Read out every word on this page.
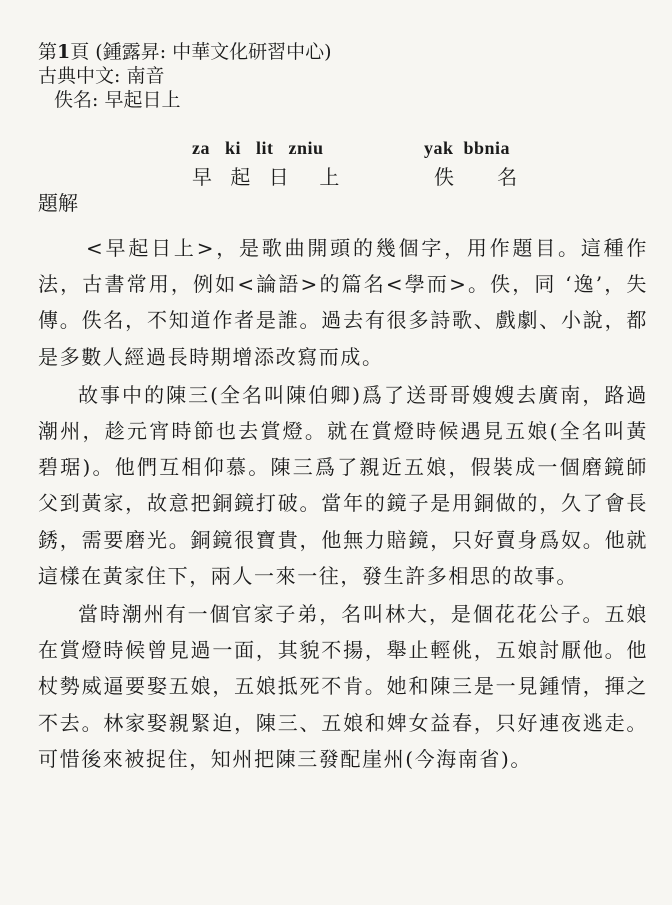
第1頁 (鍾露昇: 中華文化研習中心)
古典中文: 南音
佚名: 早起日上
za   ki   lit   zniu
早 起 日  上
yak  bbnia
佚   名
題解

<早起日上>，是歌曲開頭的幾個字，用作題目。這種作法，古書常用，例如<論語>的篇名<學而>。佚，同 ‘逸’，失傳。佚名，不知道作者是誰。過去有很多詩歌、戲劇、小說，都是多數人經過長時期增添改寫而成。

故事中的陳三(全名叫陳伯卿)爲了送哥哥嫂嫂去廣南，路過潮州，趁元宵時節也去賞燈。就在賞燈時候遇見五娘(全名叫黃碧琚)。他們互相仰慕。陳三爲了親近五娘，假裝成一個磨鏡師父到黃家，故意把銅鏡打破。當年的鏡子是用銅做的，久了會長銹，需要磨光。銅鏡很寶貴，他無力賠鏡，只好賣身爲奴。他就這樣在黃家住下，兩人一來一往，發生許多相思的故事。

當時潮州有一個官家子弟，名叫林大，是個花花公子。五娘在賞燈時候曾見過一面，其貌不揚，舉止輕佻，五娘討厭他。他杖勢威逼要娶五娘，五娘抵死不肯。她和陳三是一見鍾情，揮之不去。林家娶親緊迫，陳三、五娘和婢女益春，只好連夜逃走。可惜後來被捉住，知州把陳三發配崖州(今海南省)。
